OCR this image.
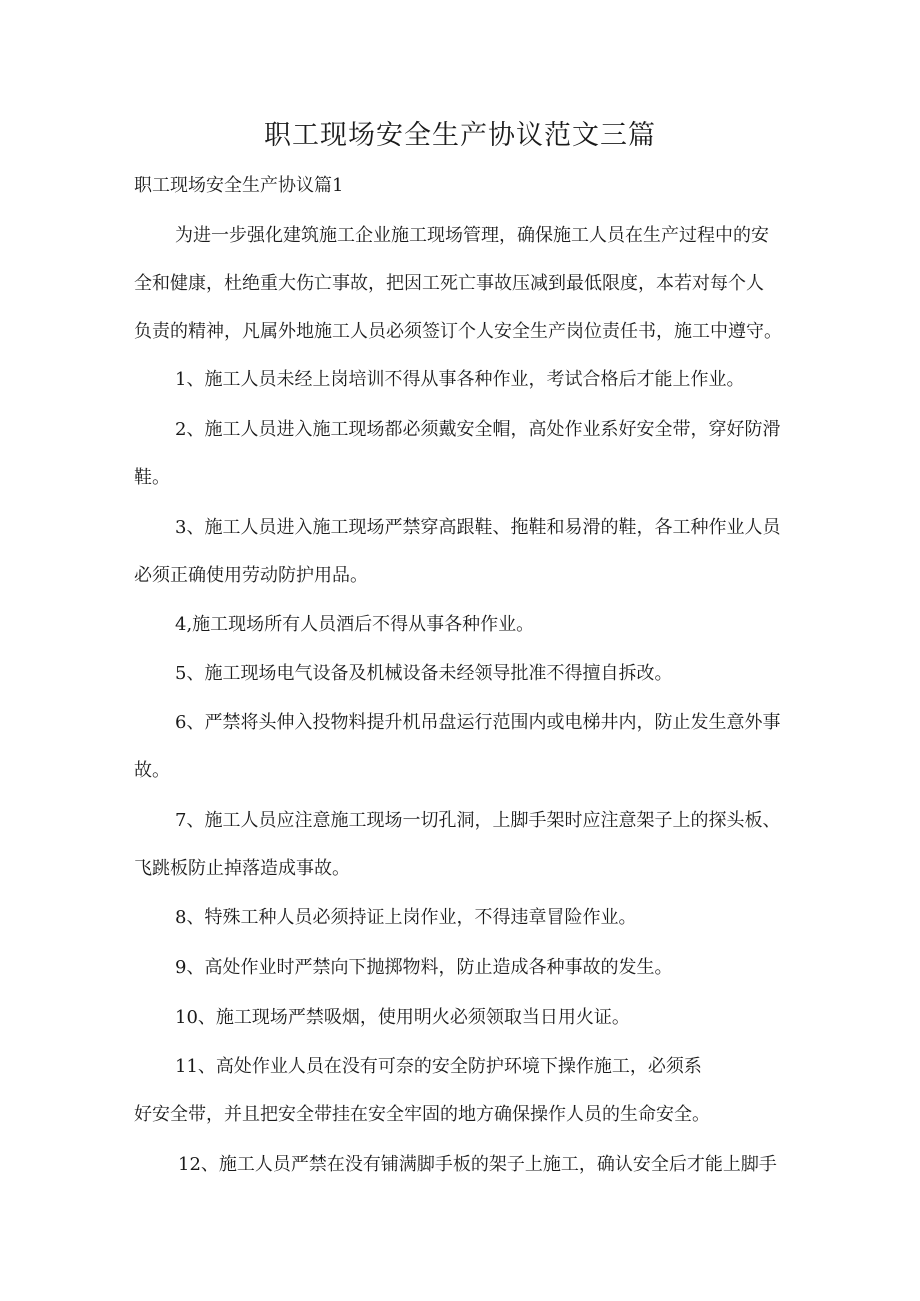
职工现场安全生产协议范文三篇
职工现场安全生产协议篇1
为进一步强化建筑施工企业施工现场管理，确保施工人员在生产过程中的安
全和健康，杜绝重大伤亡事故，把因工死亡事故压减到最低限度，本若对每个人
负责的精神，凡属外地施工人员必须签订个人安全生产岗位责任书，施工中遵守。
1、施工人员未经上岗培训不得从事各种作业，考试合格后才能上作业。
2、施工人员进入施工现场都必须戴安全帽，高处作业系好安全带，穿好防滑
鞋。
3、施工人员进入施工现场严禁穿高跟鞋、拖鞋和易滑的鞋，各工种作业人员
必须正确使用劳动防护用品。
4,施工现场所有人员酒后不得从事各种作业。
5、施工现场电气设备及机械设备未经领导批准不得擅自拆改。
6、严禁将头伸入投物料提升机吊盘运行范围内或电梯井内，防止发生意外事
故。
7、施工人员应注意施工现场一切孔洞，上脚手架时应注意架子上的探头板、
飞跳板防止掉落造成事故。
8、特殊工种人员必须持证上岗作业，不得违章冒险作业。
9、高处作业时严禁向下抛掷物料，防止造成各种事故的发生。
10、施工现场严禁吸烟，使用明火必须领取当日用火证。
11、高处作业人员在没有可奈的安全防护环境下操作施工，必须系
好安全带，并且把安全带挂在安全牢固的地方确保操作人员的生命安全。
12、施工人员严禁在没有铺满脚手板的架子上施工，确认安全后才能上脚手
